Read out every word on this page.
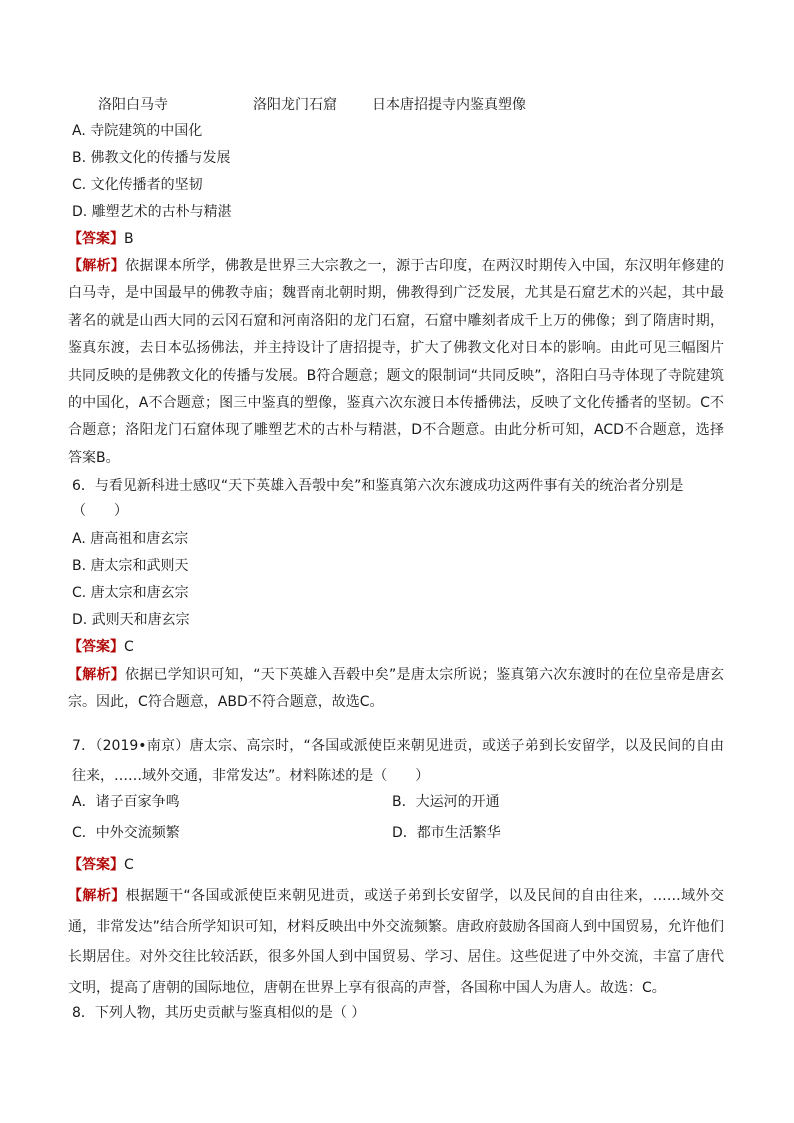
洛阳白马寺	洛阳龙门石窟	日本唐招提寺内鉴真塑像
A. 寺院建筑的中国化
B. 佛教文化的传播与发展
C. 文化传播者的坚韧
D. 雕塑艺术的古朴与精湛
【答案】B
【解析】依据课本所学，佛教是世界三大宗教之一，源于古印度，在两汉时期传入中国，东汉明年修建的白马寺，是中国最早的佛教寺庙；魏晋南北朝时期，佛教得到广泛发展，尤其是石窟艺术的兴起，其中最著名的就是山西大同的云冈石窟和河南洛阳的龙门石窟，石窟中雕刻者成千上万的佛像；到了隋唐时期，鉴真东渡，去日本弘扬佛法，并主持设计了唐招提寺，扩大了佛教文化对日本的影响。由此可见三幅图片共同反映的是佛教文化的传播与发展。B符合题意；题文的限制词“共同反映”，洛阳白马寺体现了寺院建筑的中国化，A不合题意；图三中鉴真的塑像，鉴真六次东渡日本传播佛法，反映了文化传播者的坚韧。C不合题意；洛阳龙门石窟体现了雕塑艺术的古朴与精湛，D不合题意。由此分析可知，ACD不合题意，选择答案B。
6．与看见新科进士感叹“天下英雄入吾彀中矣”和鉴真第六次东渡成功这两件事有关的统治者分别是
（　　）
A. 唐高祖和唐玄宗
B. 唐太宗和武则天
C. 唐太宗和唐玄宗
D. 武则天和唐玄宗
【答案】C
【解析】依据已学知识可知，“天下英雄入吾毂中矣”是唐太宗所说；鉴真第六次东渡时的在位皇帝是唐玄宗。因此，C符合题意，ABD不符合题意，故选C。
7．（2019•南京）唐太宗、高宗时，“各国或派使臣来朝见进贡，或送子弟到长安留学，以及民间的自由往来，……域外交通，非常发达”。材料陈述的是（　　）
A．诸子百家争鸣	B．大运河的开通
C．中外交流频繁	D．都市生活繁华
【答案】C
【解析】根据题干“各国或派使臣来朝见进贡，或送子弟到长安留学，以及民间的自由往来，……域外交通，非常发达”结合所学知识可知，材料反映出中外交流频繁。唐政府鼓励各国商人到中国贸易，允许他们长期居住。对外交往比较活跃，很多外国人到中国贸易、学习、居住。这些促进了中外交流，丰富了唐代文明，提高了唐朝的国际地位，唐朝在世界上享有很高的声誉，各国称中国人为唐人。故选：C。
8．下列人物，其历史贡献与鉴真相似的是（ ）
